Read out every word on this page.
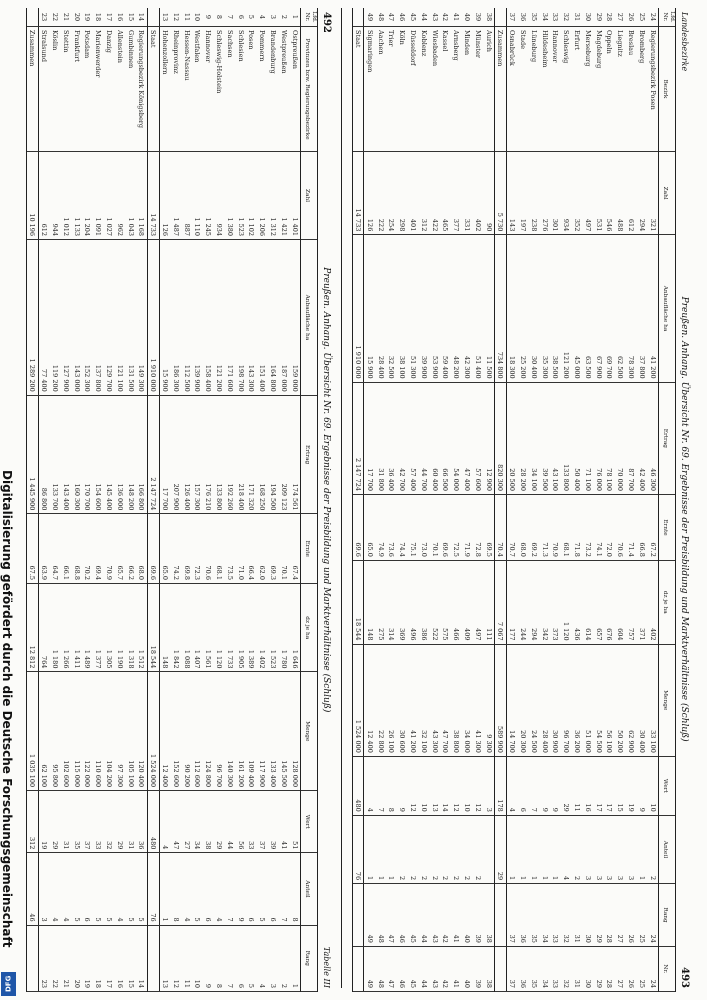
492
Preußen. Anhang. Übersicht Nr. 69. Ergebnisse der Preisbildung und Marktverhältnisse (Schluß)
Tabelle III
Lfd. Nr.	Provinzen bzw. Regierungsbezirke	Zahl	Anbaufläche ha	Ertrag	Ernte	dz je ha	Menge	Wert	Anteil	Rang
1	Ostpreußen	1 401	159 000	174 561	67.4	1 646	128 000	51	8	1
2	Westpreußen	1 421	187 000	209 123	70.1	1 780	145 500	41	7	2
3	Brandenburg	1 312	164 800	194 500	69.3	1 523	133 400	39	6	3
4	Pommern	1 206	151 400	168 250	62.0	1 402	117 900	37	5	4
5	Posen	1 102	143 300	171 320	66.4	1 389	109 400	33	6	5
6	Schlesien	1 523	198 700	218 400	71.0	1 905	161 200	56	9	6
7	Sachsen	1 380	171 600	192 260	73.5	1 733	140 300	44	7	7
8	Schleswig-Holstein	934	121 200	133 800	68.1	1 120	96 700	29	4	8
9	Hannover	1 245	158 400	176 210	70.6	1 561	124 800	38	6	9
10	Westfalen	1 110	139 900	157 300	72.3	1 407	112 600	34	5	10
11	Hessen-Nassau	887	112 500	126 400	69.8	1 088	90 200	27	4	11
12	Rheinprovinz	1 487	186 300	207 900	74.2	1 842	152 600	47	8	12
13	Hohenzollern	126	15 900	17 700	65.0	148	12 400	4	1	13
	Staat	14 733	1 910 000	2 147 724	69.6	18 544	1 524 000	480	76	
14	Regierungsbezirk Königsberg	1 168	149 300	166 800	68.0	1 512	120 400	36	5	14
15	Gumbinnen	1 043	131 500	148 200	66.2	1 318	105 100	31	5	15
16	Allenstein	962	121 100	136 000	65.7	1 190	97 300	29	4	16
17	Danzig	1 027	129 700	145 400	70.9	1 305	104 200	32	5	17
18	Marienwerder	1 091	137 800	154 600	69.4	1 377	110 600	33	5	18
19	Potsdam	1 204	152 300	170 700	70.2	1 489	122 000	37	6	19
20	Frankfurt	1 133	143 000	160 300	68.8	1 411	115 000	35	5	20
21	Stettin	1 012	127 900	143 400	66.1	1 266	102 600	31	4	21
22	Köslin	944	119 200	133 700	64.7	1 180	95 800	29	4	22
23	Stralsund	612	77 400	86 800	63.9	764	62 100	19	3	23
	Zusammen	10 196	1 289 200	1 445 900	67.5	12 812	1 035 100	312	46	
Landesbezirke
Preußen. Anhang. Übersicht Nr. 69. Ergebnisse der Preisbildung und Marktverhältnisse (Schluß)
493
Lfd. Nr.	Bezirk	Zahl	Anbaufläche ha	Ertrag	Ernte	dz je ha	Menge	Wert	Anteil	Rang	Nr.
24	Regierungsbezirk Posen	321	41 200	46 300	67.2	402	33 100	10	2	24	24
25	Bromberg	294	37 800	42 400	66.8	371	30 400	9	1	25	25
26	Breslau	612	78 300	87 700	71.4	757	62 900	19	3	26	26
27	Liegnitz	488	62 500	70 000	70.6	604	50 200	15	3	27	27
28	Oppeln	546	69 700	78 100	72.0	676	56 100	17	3	28	28
29	Magdeburg	531	67 900	76 000	74.1	657	54 500	17	3	29	29
30	Merseburg	497	63 500	71 100	73.2	614	51 000	16	3	30	30
31	Erfurt	352	45 000	50 400	71.8	436	36 200	11	2	31	31
32	Schleswig	934	121 200	133 800	68.1	1 120	96 700	29	4	32	32
33	Hannover	301	38 500	43 100	70.9	373	30 900	9	1	33	33
34	Hildesheim	276	35 300	39 500	71.3	342	28 400	9	1	34	34
35	Lüneburg	238	30 400	34 100	69.2	294	24 500	7	1	35	35
36	Stade	197	25 200	28 200	68.0	244	20 300	6	1	36	36
37	Osnabrück	143	18 300	20 500	70.7	177	14 700	4	1	37	37
	Zusammen	5 730	734 800	820 300	70.4	7 067	589 900	178	29		
38	Aurich	90	11 500	12 900	69.5	111	9 300	3		38	38
39	Münster	402	51 400	57 600	72.8	497	41 300	12	2	39	39
40	Minden	331	42 300	47 400	71.9	409	34 000	10	2	40	40
41	Arnsberg	377	48 200	54 000	72.5	466	38 800	12	2	41	41
42	Kassel	465	59 400	66 500	69.6	575	47 700	14	2	42	42
43	Wiesbaden	422	53 900	60 400	70.1	522	43 300	13	2	43	43
44	Koblenz	312	39 900	44 700	73.0	386	32 100	10	2	44	44
45	Düsseldorf	401	51 300	57 400	75.1	496	41 200	12	2	45	45
46	Köln	298	38 100	42 700	74.4	369	30 600	9	2	46	46
47	Trier	254	32 500	36 400	73.6	314	26 100	8	1	47	47
48	Aachen	222	28 400	31 800	74.9	275	22 800	7	1	48	48
49	Sigmaringen	126	15 900	17 700	65.0	148	12 400	4	1	49	49
	Staat	14 733	1 910 000	2 147 724	69.6	18 544	1 524 000	480	76		
Digitalisierung gefördert durch die Deutsche Forschungsgemeinschaft
DFG
